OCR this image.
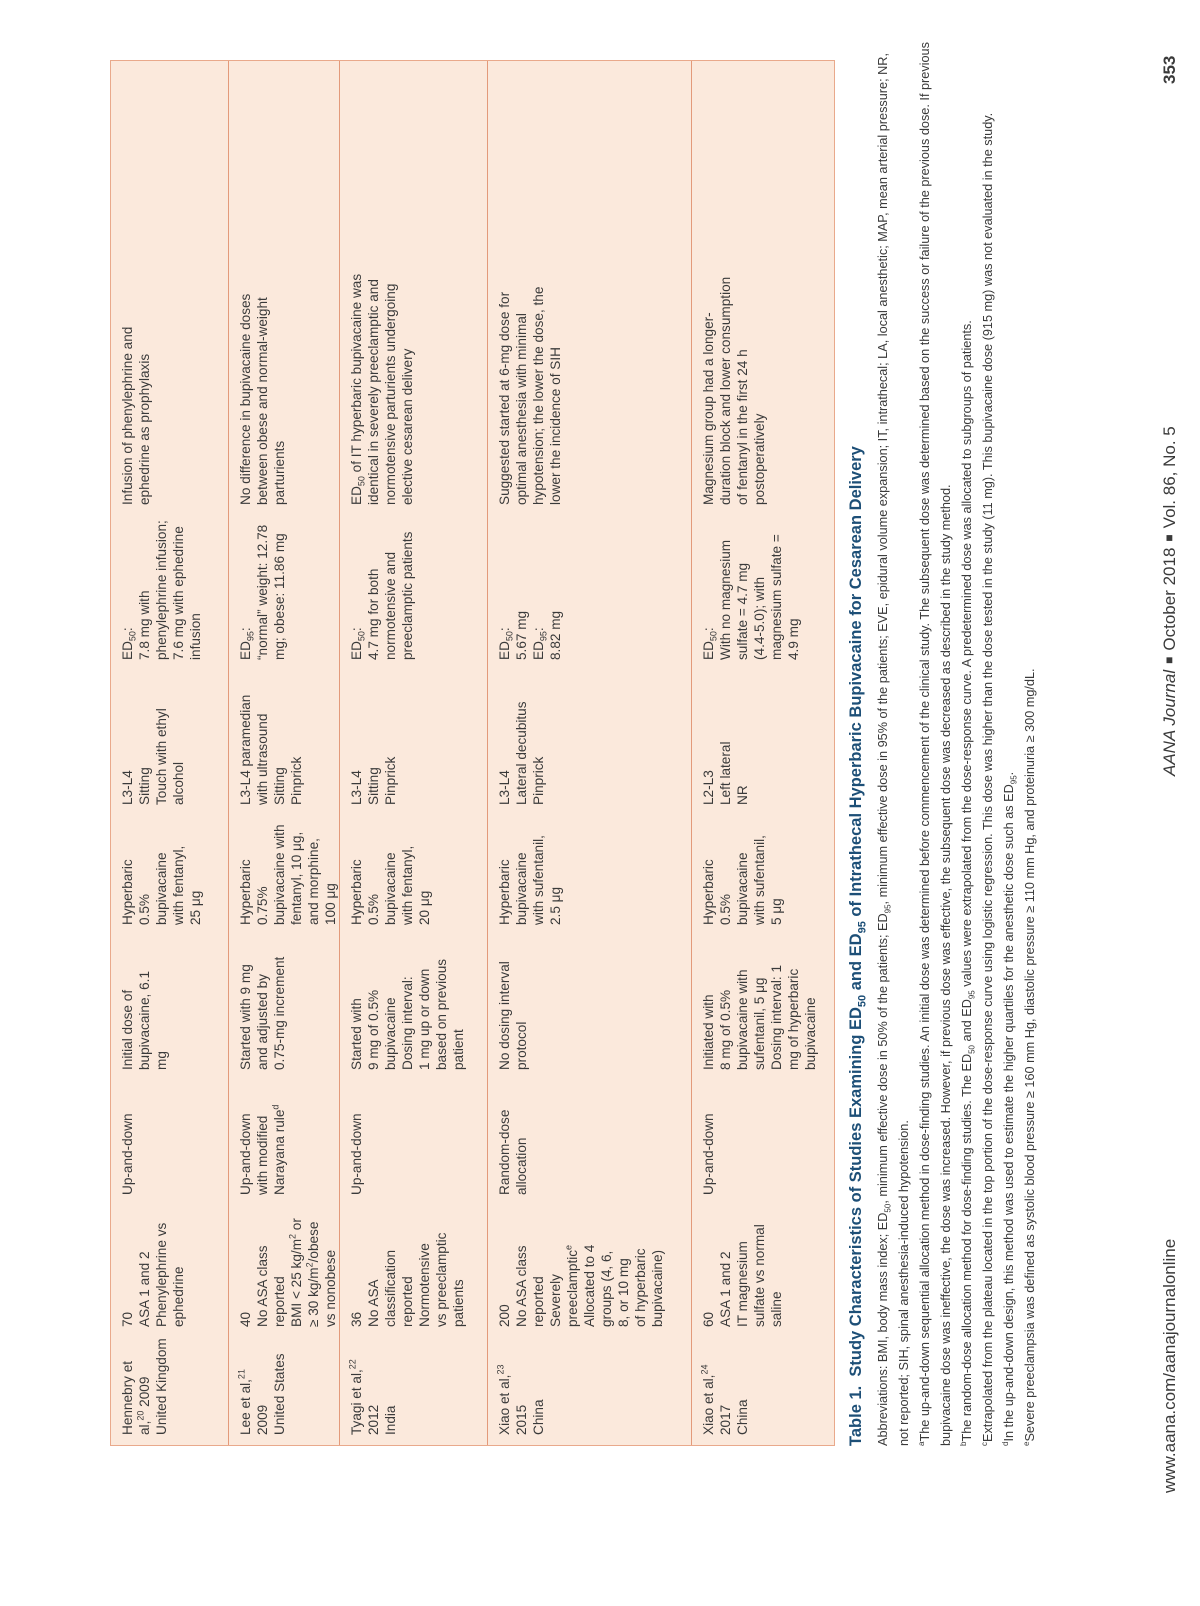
Hennebry et
al,$^{20}$ 2009
United Kingdom
70
ASA 1 and 2
Phenylephrine vs
ephedrine
Up-and-down
Initial dose of
bupivacaine, 6.1
mg
Hyperbaric
0.5%
bupivacaine
with fentanyl,
25 μg
L3-L4
Sitting
Touch with ethyl
alcohol
$ED_{50}$:
7.8 mg with
phenylephrine infusion;
7.6 mg with ephedrine
infusion
Infusion of phenylephrine and
ephedrine as prophylaxis
Lee et al,$^{21}$
2009
United States
40
No ASA class
reported
BMI < 25 $kg/m^2$ or
≥ 30 $kg/m^2$/obese
vs nonobese
Up-and-down
with modified
Narayana rule$^d$
Started with 9 mg and adjusted by 0.75-mg increment
Hyperbaric
0.75%
bupivacaine with
fentanyl, 10 μg,
and morphine,
100 μg
L3-L4 paramedian
with ultrasound
Sitting
Pinprick
$ED_{95}$:
“normal” weight: 12.78
mg; obese: 11.86 mg
No difference in bupivacaine doses between obese and normal-weight parturients
Tyagi et al,$^{22}$
2012
India
36
No ASA
classification
reported
Normotensive
vs preeclamptic
patients
Up-and-down
Started with
9 mg of 0.5%
bupivacaine
Dosing interval:
1 mg up or down
based on previous
patient
Hyperbaric
0.5%
bupivacaine
with fentanyl,
20 μg
L3-L4
Sitting
Pinprick
$ED_{50}$:
4.7 mg for both
normotensive and
preeclamptic patients
$ED_{50}$ of IT hyperbaric bupivacaine was
identical in severely preeclamptic and
normotensive parturients undergoing
elective cesarean delivery
Xiao et al,$^{23}$
2015
China
200
No ASA class
reported
Severely
preeclamptic$^e$
Allocated to 4
groups (4, 6,
8, or 10 mg
of hyperbaric
bupivacaine)
Random-dose allocation
No dosing interval protocol
Hyperbaric
bupivacaine
with sufentanil,
2.5 μg
L3-L4
Lateral decubitus
Pinprick
$ED_{50}$:
5.67 mg
$ED_{95}$:
8.82 mg
Suggested started at 6-mg dose for optimal anesthesia with minimal hypotension; the lower the dose, the lower the incidence of SIH
Xiao et al,$^{24}$
2017
China
60
ASA 1 and 2
IT magnesium
sulfate vs normal
saline
Up-and-down
Initiated with
8 mg of 0.5%
bupivacaine with
sufentanil, 5 μg
Dosing interval: 1
mg of hyperbaric
bupivacaine
Hyperbaric
0.5%
bupivacaine
with sufentanil,
5 μg
L2-L3
Left lateral
NR
$ED_{50}$:
With no magnesium
sulfate = 4.7 mg
(4.4-5.0); with
magnesium sulfate =
4.9 mg
Magnesium group had a longer-
duration block and lower consumption
of fentanyl in the first 24 h
postoperatively
Table 1.  Study Characteristics of Studies Examining $ED_{50}$ and $ED_{95}$ of Intrathecal Hyperbaric Bupivacaine for Cesarean Delivery
Abbreviations: BMI, body mass index; $ED_{50}$, minimum effective dose in 50% of the patients; $ED_{95}$, minimum effective dose in 95% of the patients; EVE, epidural volume expansion; IT, intrathecal; LA, local anesthetic; MAP, mean arterial pressure; NR, not reported; SIH, spinal anesthesia-induced hypotension. $^a$The up-and-down sequential allocation method in dose-finding studies. An initial dose was determined before commencement of the clinical study. The subsequent dose was determined based on the success or failure of the previous dose. If previous bupivacaine dose was ineffective, the dose was increased. However, if previous dose was effective, the subsequent dose was decreased as described in the study method. $^b$The random-dose allocation method for dose-finding studies. The $ED_{50}$ and $ED_{95}$ values were extrapolated from the dose-response curve. A predetermined dose was allocated to subgroups of patients.
$^c$Extrapolated from the plateau located in the top portion of the dose-response curve using logistic regression. This dose was higher than the dose tested in the study (11 mg). This bupivacaine dose (915 mg) was not evaluated in the study.
$^d$In the up-and-down design, this method was used to estimate the higher quartiles for the anesthetic dose such as $ED_{95}$.
$^e$Severe preeclampsia was defined as systolic blood pressure ≥ 160 mm Hg, diastolic pressure ≥ 110 mm Hg, and proteinuria ≥ 300 mg/dL.	www.aana.com/aanajournalonline
AANA Journal■October 2018■Vol. 86, No. 5
353
